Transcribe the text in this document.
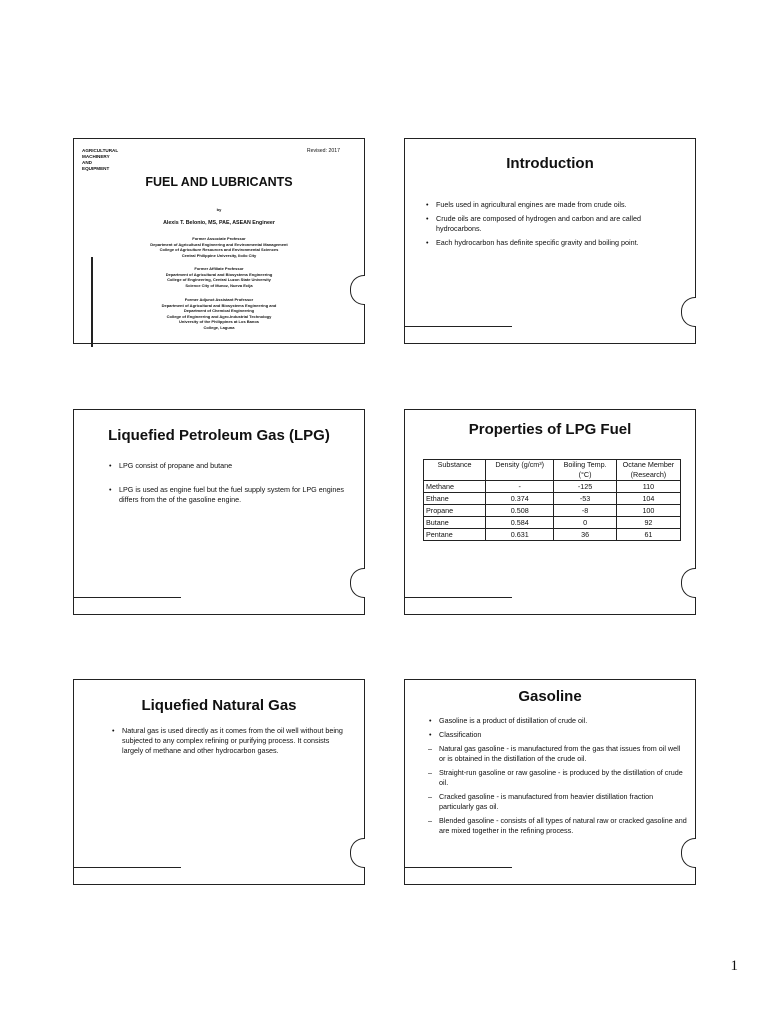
AGRICULTURAL
MACHINERY
AND
EQUIPMENT
Revised: 2017
FUEL AND LUBRICANTS
by
Alexis T. Belonio, MS, PAE, ASEAN Engineer
Former Associate Professor
Department of Agricultural Engineering and Environmental Management
College of Agriculture Resources and Environmental Sciences
Central Philippine University, Iloilo City
Former Affiliate Professor
Department of Agricultural and Biosystems Engineering
College of Engineering, Central Luzon State University
Science City of Munoz, Nueva Ecija
Former Adjunct Assistant Professor
Department of Agricultural and Biosystems Engineering and
Department of Chemical Engineering
College of Engineering and Agro-Industrial Technology
University of the Philippines at Los Banos
College, Laguna
Introduction
• Fuels used in agricultural engines are made from crude oils.
• Crude oils are composed of hydrogen and carbon and are called hydrocarbons.
• Each hydrocarbon has definite specific gravity and boiling point.
Liquefied Petroleum Gas (LPG)
• LPG consist of propane and butane
• LPG is used as engine fuel but the fuel supply system for LPG engines differs from the of the gasoline engine.
Properties of LPG Fuel
Substance	Density (g/cm³)	Boiling Temp. (°C)	Octane Member (Research)
Methane	-	-125	110
Ethane	0.374	-53	104
Propane	0.508	-8	100
Butane	0.584	0	92
Pentane	0.631	36	61
Liquefied Natural Gas
• Natural gas is used directly as it comes from the oil well without being subjected to any complex refining or purifying process. It consists largely of methane and other hydrocarbon gases.
Gasoline
• Gasoline is a product of distillation of crude oil.
• Classification
– Natural gas gasoline - is manufactured from the gas that issues from oil well or is obtained in the distillation of the crude oil.
– Straight-run gasoline or raw gasoline - is produced by the distillation of crude oil.
– Cracked gasoline - is manufactured from heavier distillation fraction particularly gas oil.
– Blended gasoline - consists of all types of natural raw or cracked gasoline and are mixed together in the refining process.
1
